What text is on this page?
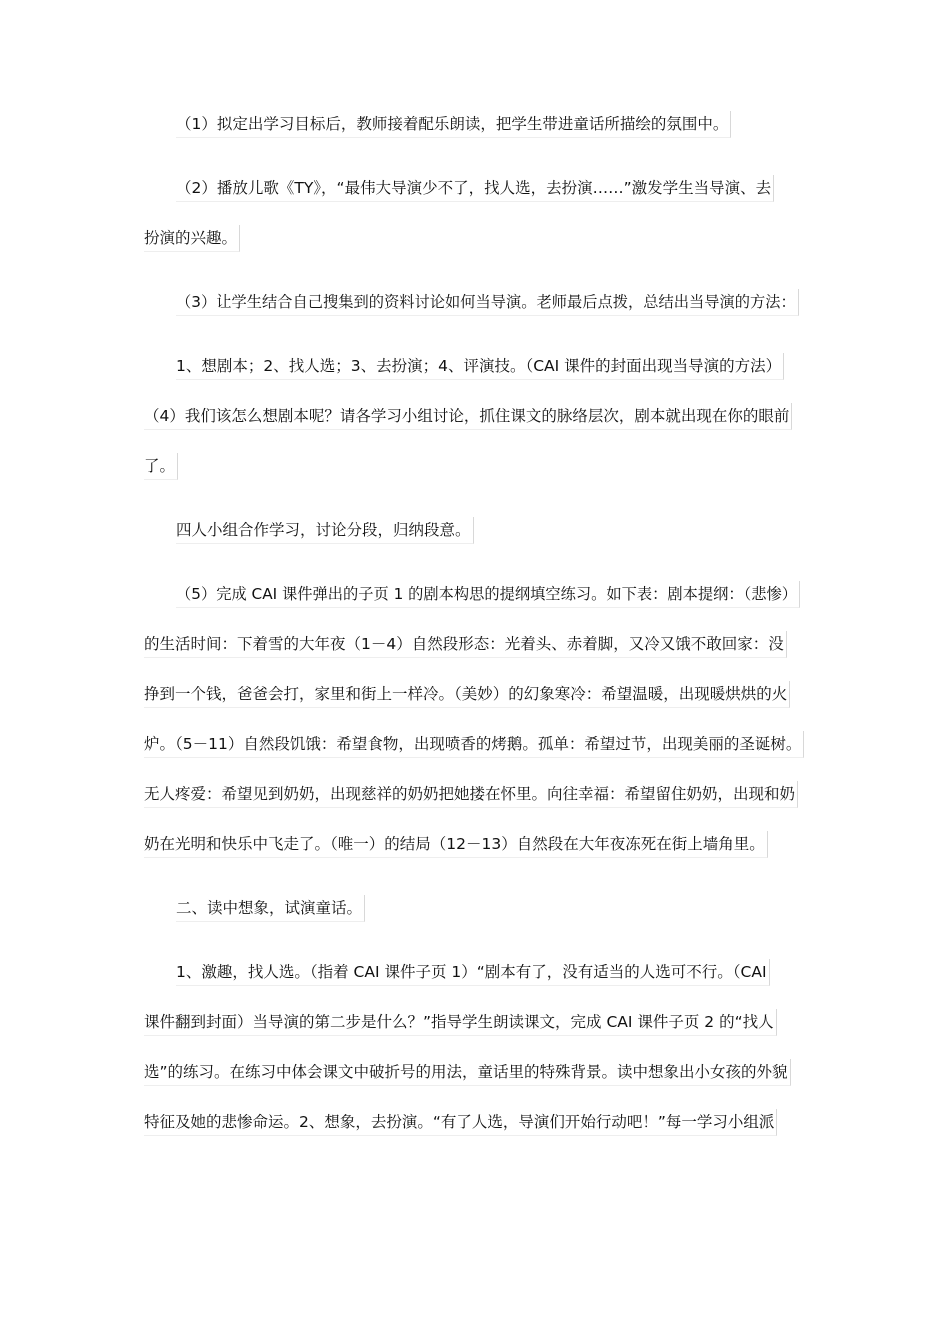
（1）拟定出学习目标后，教师接着配乐朗读，把学生带进童话所描绘的氛围中。
（2）播放儿歌《TY》，“最伟大导演少不了，找人选，去扮演……”激发学生当导演、去
扮演的兴趣。
（3）让学生结合自己搜集到的资料讨论如何当导演。老师最后点拨，总结出当导演的方法：
1、想剧本；2、找人选；3、去扮演；4、评演技。（CAI 课件的封面出现当导演的方法）
（4）我们该怎么想剧本呢？请各学习小组讨论，抓住课文的脉络层次，剧本就出现在你的眼前
了。
四人小组合作学习，讨论分段，归纳段意。
（5）完成 CAI 课件弹出的子页 1 的剧本构思的提纲填空练习。如下表：剧本提纲：（悲惨）
的生活时间：下着雪的大年夜（1－4）自然段形态：光着头、赤着脚，又冷又饿不敢回家：没
挣到一个钱，爸爸会打，家里和街上一样冷。（美妙）的幻象寒冷：希望温暖，出现暖烘烘的火
炉。（5－11）自然段饥饿：希望食物，出现喷香的烤鹅。孤单：希望过节，出现美丽的圣诞树。
无人疼爱：希望见到奶奶，出现慈祥的奶奶把她搂在怀里。向往幸福：希望留住奶奶，出现和奶
奶在光明和快乐中飞走了。（唯一）的结局（12－13）自然段在大年夜冻死在街上墙角里。
二、读中想象，试演童话。
1、激趣，找人选。（指着 CAI 课件子页 1）“剧本有了，没有适当的人选可不行。（CAI
课件翻到封面）当导演的第二步是什么？”指导学生朗读课文，完成 CAI 课件子页 2 的“找人
选”的练习。在练习中体会课文中破折号的用法，童话里的特殊背景。读中想象出小女孩的外貌
特征及她的悲惨命运。2、想象，去扮演。“有了人选，导演们开始行动吧！”每一学习小组派
